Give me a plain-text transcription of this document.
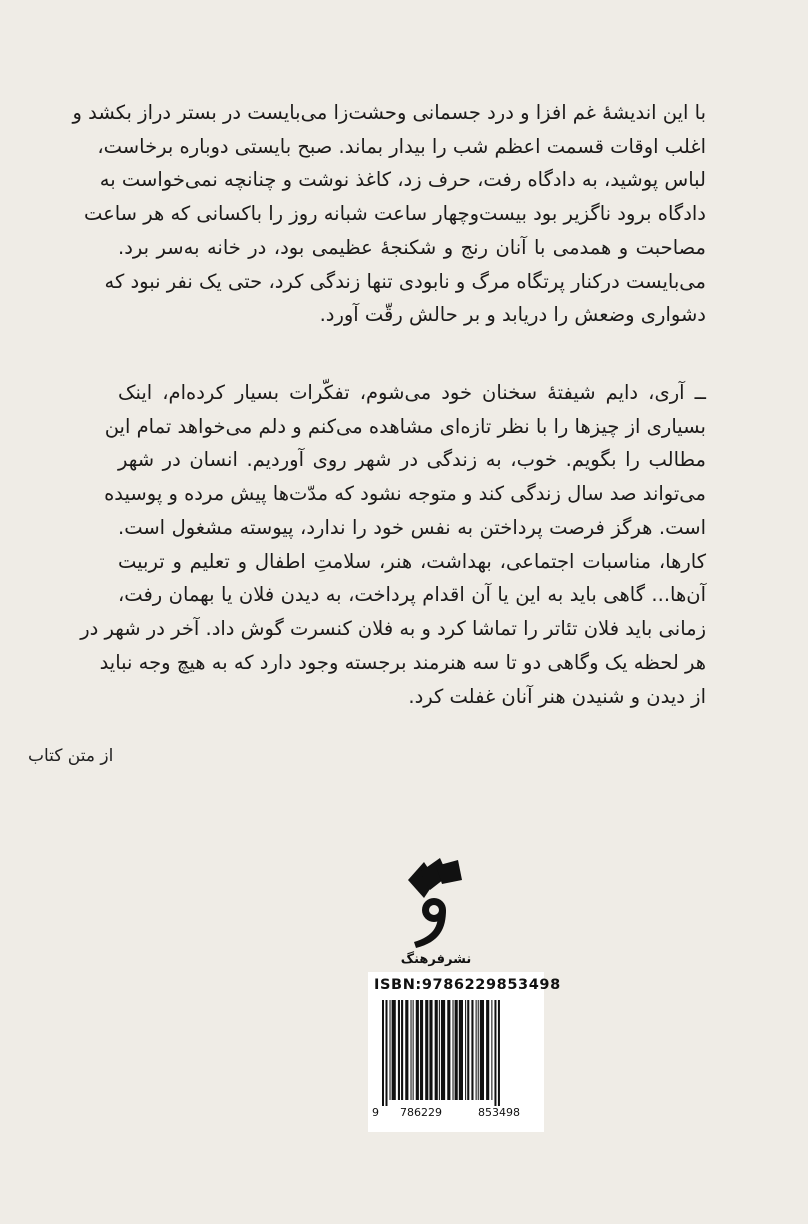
با این اندیشهٔ غم افزا و درد جسمانی وحشت‌زا می‌بایست در بستر دراز بکشد و
اغلب اوقات قسمت اعظم شب را بیدار بماند. صبح بایستی دوباره برخاست،
لباس پوشید، به دادگاه رفت، حرف زد، کاغذ نوشت و چنانچه نمی‌خواست به
دادگاه برود ناگزیر بود بیست‌وچهار ساعت شبانه روز را باکسانی که هر ساعت
مصاحبت و همدمی با آنان رنج و شکنجهٔ عظیمی بود، در خانه به‌سر برد.
می‌بایست درکنار پرتگاه مرگ و نابودی تنها زندگی کرد، حتی یک نفر نبود که
دشواری وضعش را دریابد و بر حالش رقّت آورد.
ــ آری، دایم شیفتهٔ سخنان خود می‌شوم، تفکّرات بسیار کرده‌ام، اینک
بسیاری از چیزها را با نظر تازه‌ای مشاهده می‌کنم و دلم می‌خواهد تمام این
مطالب را بگویم. خوب، به زندگی در شهر روی آوردیم. انسان در شهر
می‌تواند صد سال زندگی کند و متوجه نشود که مدّت‌ها پیش مرده و پوسیده
است. هرگز فرصت پرداختن به نفس خود را ندارد، پیوسته مشغول است.
کارها، مناسبات اجتماعی، بهداشت، هنر، سلامتِ اطفال و تعلیم و تربیت
آن‌ها... گاهی باید به این یا آن اقدام پرداخت، به دیدن فلان یا بهمان رفت،
زمانی باید فلان تئاتر را تماشا کرد و به فلان کنسرت گوش داد. آخر در شهر در
هر لحظه یک وگاهی دو تا سه هنرمند برجسته وجود دارد که به هیچ وجه نباید
از دیدن و شنیدن هنر آنان غفلت کرد.
از متن کتاب
نشرفرهنگ
ISBN:9786229853498
9 786229	853498
